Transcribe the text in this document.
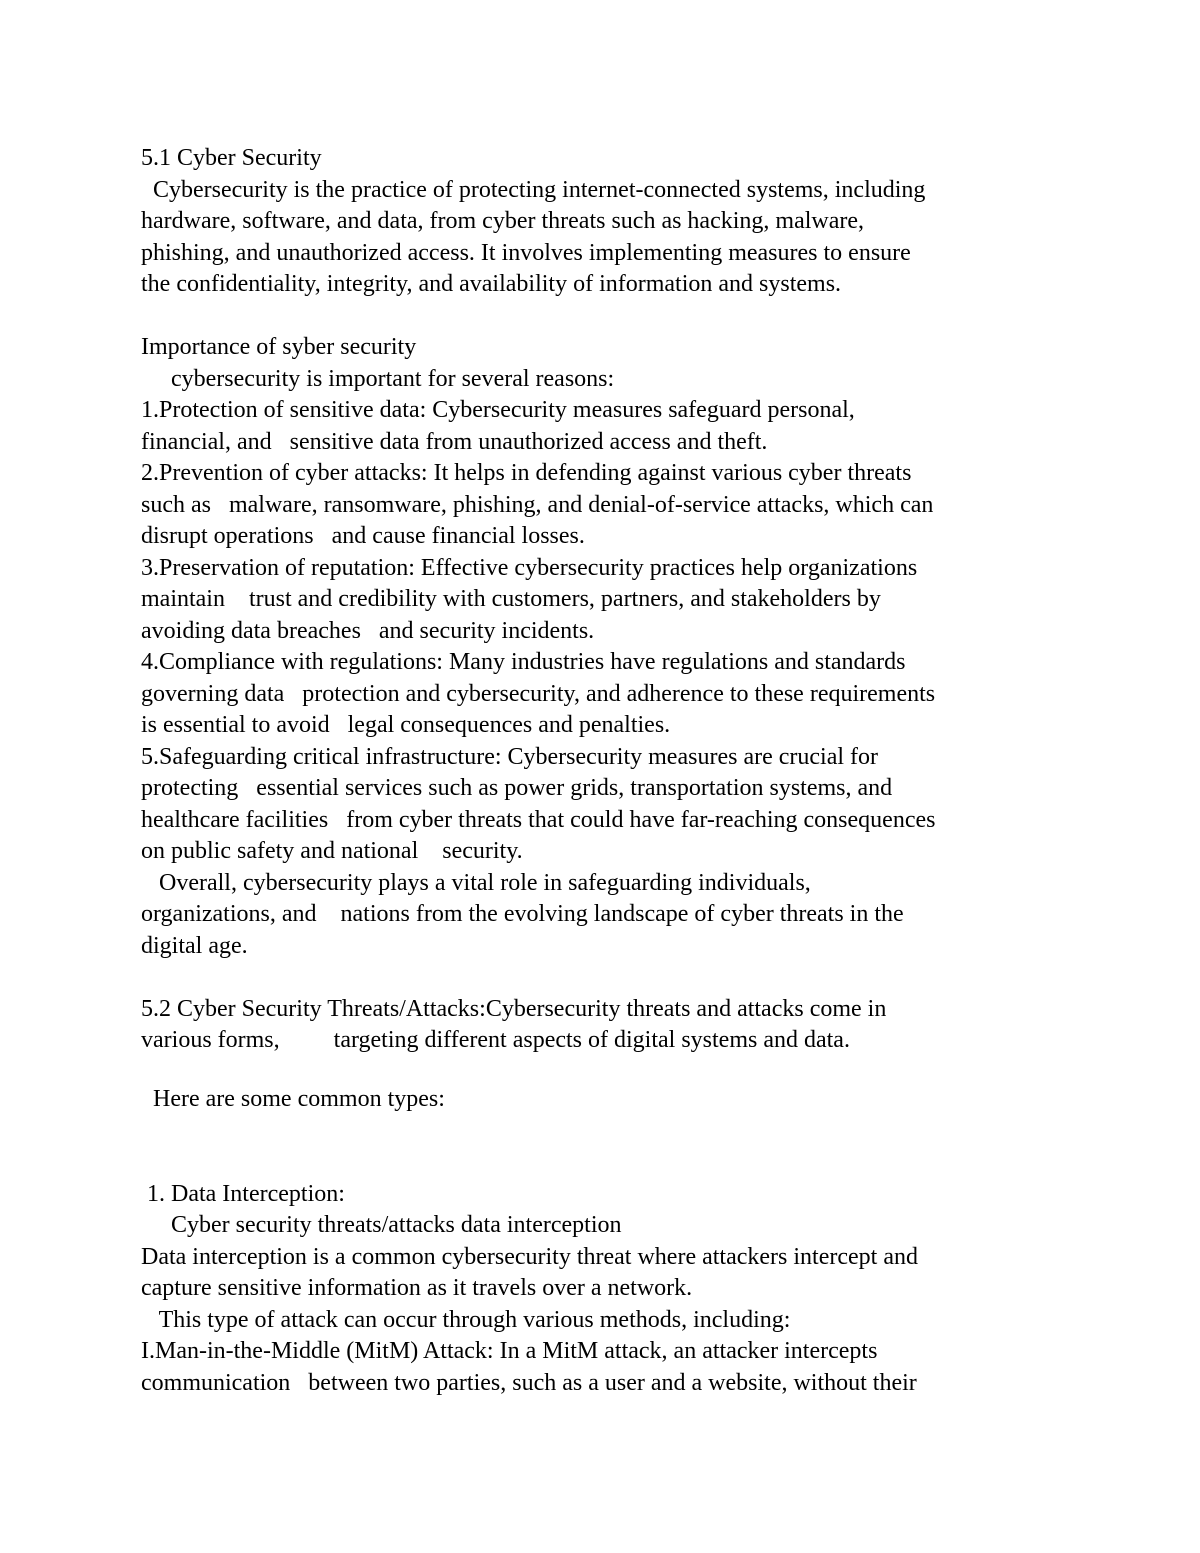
5.1 Cyber Security
Cybersecurity is the practice of protecting internet-connected systems, including
hardware, software, and data, from cyber threats such as hacking, malware,
phishing, and unauthorized access. It involves implementing measures to ensure
the confidentiality, integrity, and availability of information and systems.
Importance of syber security
cybersecurity is important for several reasons:
1.Protection of sensitive data: Cybersecurity measures safeguard personal,
financial, and   sensitive data from unauthorized access and theft.
2.Prevention of cyber attacks: It helps in defending against various cyber threats
such as   malware, ransomware, phishing, and denial-of-service attacks, which can
disrupt operations   and cause financial losses.
3.Preservation of reputation: Effective cybersecurity practices help organizations
maintain    trust and credibility with customers, partners, and stakeholders by
avoiding data breaches   and security incidents.
4.Compliance with regulations: Many industries have regulations and standards
governing data   protection and cybersecurity, and adherence to these requirements
is essential to avoid   legal consequences and penalties.
5.Safeguarding critical infrastructure: Cybersecurity measures are crucial for
protecting   essential services such as power grids, transportation systems, and
healthcare facilities   from cyber threats that could have far-reaching consequences
on public safety and national    security.
Overall, cybersecurity plays a vital role in safeguarding individuals,
organizations, and    nations from the evolving landscape of cyber threats in the
digital age.
5.2 Cyber Security Threats/Attacks:Cybersecurity threats and attacks come in
various forms,         targeting different aspects of digital systems and data.
Here are some common types:
1. Data Interception:
Cyber security threats/attacks data interception
Data interception is a common cybersecurity threat where attackers intercept and
capture sensitive information as it travels over a network.
This type of attack can occur through various methods, including:
I.Man-in-the-Middle (MitM) Attack: In a MitM attack, an attacker intercepts
communication   between two parties, such as a user and a website, without their
